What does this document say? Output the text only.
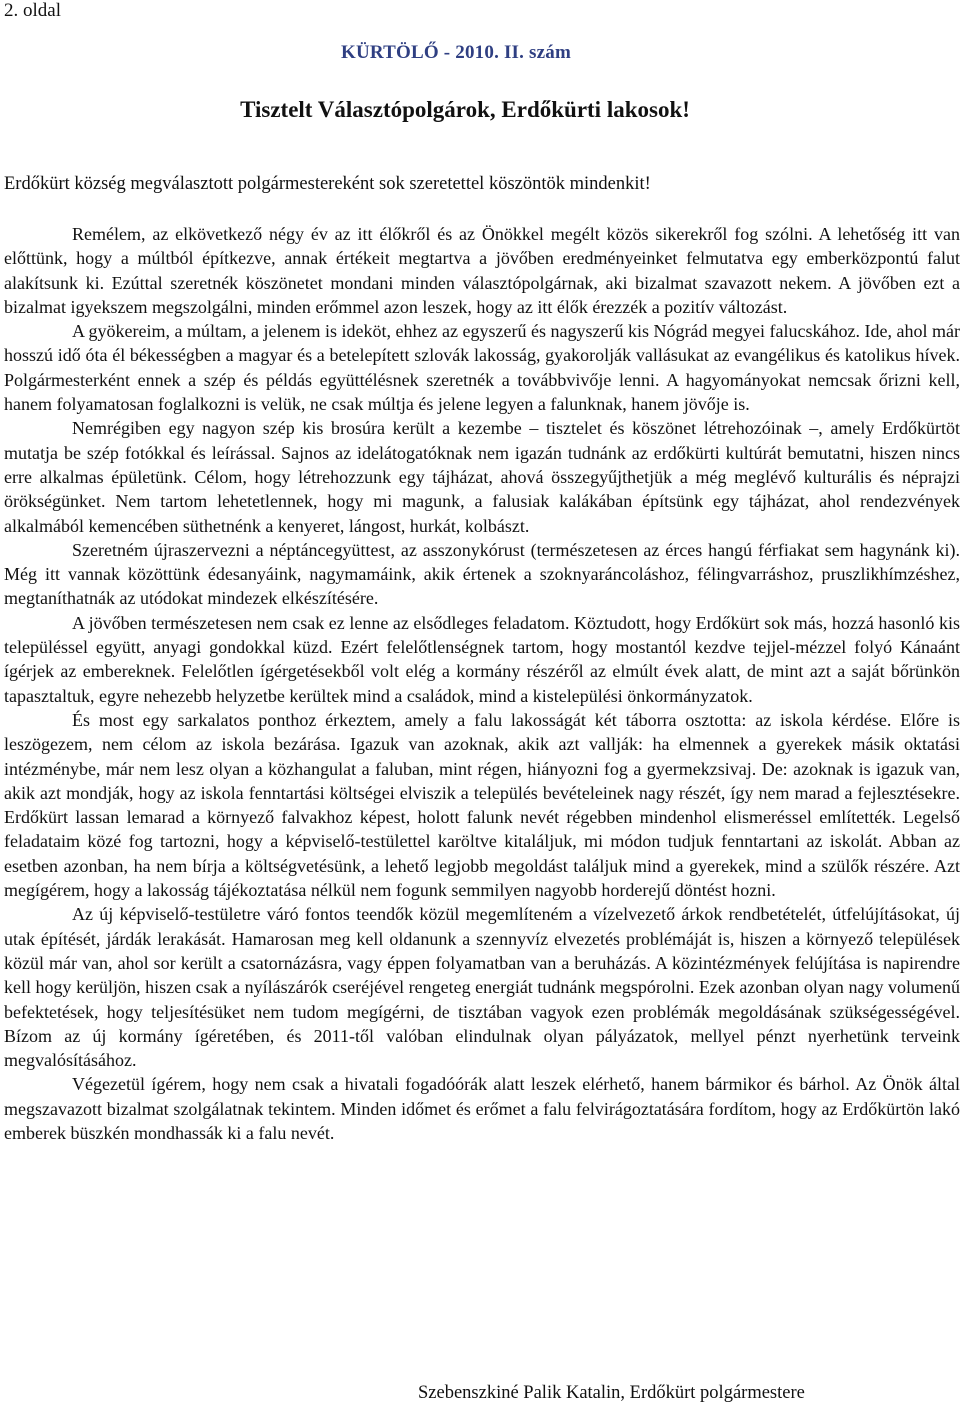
2. oldal
KÜRTÖLŐ - 2010. II. szám
Tisztelt Választópolgárok, Erdőkürti lakosok!
Erdőkürt község megválasztott polgármestereként sok szeretettel köszöntök mindenkit!

Remélem, az elkövetkező négy év az itt élőkről és az Önökkel megélt közös sikerekről fog szólni. A lehetőség itt van előttünk, hogy a múltból építkezve, annak értékeit megtartva a jövőben eredményeinket felmutatva egy emberközpontú falut alakítsunk ki. Ezúttal szeretnék köszönetet mondani minden választópolgárnak, aki bizalmat szavazott nekem. A jövőben ezt a bizalmat igyekszem megszolgálni, minden erőmmel azon leszek, hogy az itt élők érezzék a pozitív változást.

A gyökereim, a múltam, a jelenem is ideköt, ehhez az egyszerű és nagyszerű kis Nógrád megyei falucskához. Ide, ahol már hosszú idő óta él békességben a magyar és a betelepített szlovák lakosság, gyakorolják vallásukat az evangélikus és katolikus hívek. Polgármesterként ennek a szép és példás együttélésnek szeretnék a továbbvivője lenni. A hagyományokat nemcsak őrizni kell, hanem folyamatosan foglalkozni is velük, ne csak múltja és jelene legyen a falunknak, hanem jövője is.

Nemrégiben egy nagyon szép kis brosúra került a kezembe – tisztelet és köszönet létrehozóinak –, amely Erdőkürtöt mutatja be szép fotókkal és leírással. Sajnos az idelátogatóknak nem igazán tudnánk az erdőkürti kultúrát bemutatni, hiszen nincs erre alkalmas épületünk. Célom, hogy létrehozzunk egy tájházat, ahová összegyűjthetjük a még meglévő kulturális és néprajzi örökségünket. Nem tartom lehetetlennek, hogy mi magunk, a falusiak kalákában építsünk egy tájházat, ahol rendezvények alkalmából kemencében süthetnénk a kenyeret, lángost, hurkát, kolbászt.

Szeretném újraszervezni a néptáncegyüttest, az asszonykórust (természetesen az érces hangú férfiakat sem hagynánk ki). Még itt vannak közöttünk édesanyáink, nagymamáink, akik értenek a szoknyaráncoláshoz, félingvarráshoz, pruszlikhímzéshez, megtaníthatnák az utódokat mindezek elkészítésére.

A jövőben természetesen nem csak ez lenne az elsődleges feladatom. Köztudott, hogy Erdőkürt sok más, hozzá hasonló kis településsel együtt, anyagi gondokkal küzd. Ezért felelőtlenségnek tartom, hogy mostantól kezdve tejjel-mézzel folyó Kánaánt ígérjek az embereknek. Felelőtlen ígérgetésekből volt elég a kormány részéről az elmúlt évek alatt, de mint azt a saját bőrünkön tapasztaltuk, egyre nehezebb helyzetbe kerültek mind a családok, mind a kistelepülési önkormányzatok.

És most egy sarkalatos ponthoz érkeztem, amely a falu lakosságát két táborra osztotta: az iskola kérdése. Előre is leszögezem, nem célom az iskola bezárása. Igazuk van azoknak, akik azt vallják: ha elmennek a gyerekek másik oktatási intézménybe, már nem lesz olyan a közhangulat a faluban, mint régen, hiányozni fog a gyermekzsivaj. De: azoknak is igazuk van, akik azt mondják, hogy az iskola fenntartási költségei elviszik a település bevételeinek nagy részét, így nem marad a fejlesztésekre. Erdőkürt lassan lemarad a környező falvakhoz képest, holott falunk nevét régebben mindenhol elismeréssel említették. Legelső feladataim közé fog tartozni, hogy a képviselő-testülettel karöltve kitaláljuk, mi módon tudjuk fenntartani az iskolát. Abban az esetben azonban, ha nem bírja a költségvetésünk, a lehető legjobb megoldást találjuk mind a gyerekek, mind a szülők részére. Azt megígérem, hogy a lakosság tájékoztatása nélkül nem fogunk semmilyen nagyobb horderejű döntést hozni.

Az új képviselő-testületre váró fontos teendők közül megemlíteném a vízelvezető árkok rendbetételét, útfelújításokat, új utak építését, járdák lerakását. Hamarosan meg kell oldanunk a szennyvíz elvezetés problémáját is, hiszen a környező települések közül már van, ahol sor került a csatornázásra, vagy éppen folyamatban van a beruházás. A közintézmények felújítása is napirendre kell hogy kerüljön, hiszen csak a nyílászárók cseréjével rengeteg energiát tudnánk megspórolni. Ezek azonban olyan nagy volumenű befektetések, hogy teljesítésüket nem tudom megígérni, de tisztában vagyok ezen problémák megoldásának szükségességével. Bízom az új kormány ígéretében, és 2011-től valóban elindulnak olyan pályázatok, mellyel pénzt nyerhetünk terveink megvalósításához.

Végezetül ígérem, hogy nem csak a hivatali fogadóórák alatt leszek elérhető, hanem bármikor és bárhol. Az Önök által megszavazott bizalmat szolgálatnak tekintem. Minden időmet és erőmet a falu felvirágoztatására fordítom, hogy az Erdőkürtön lakó emberek büszkén mondhassák ki a falu nevét.

Szebenszkiné Palik Katalin, Erdőkürt polgármestere
